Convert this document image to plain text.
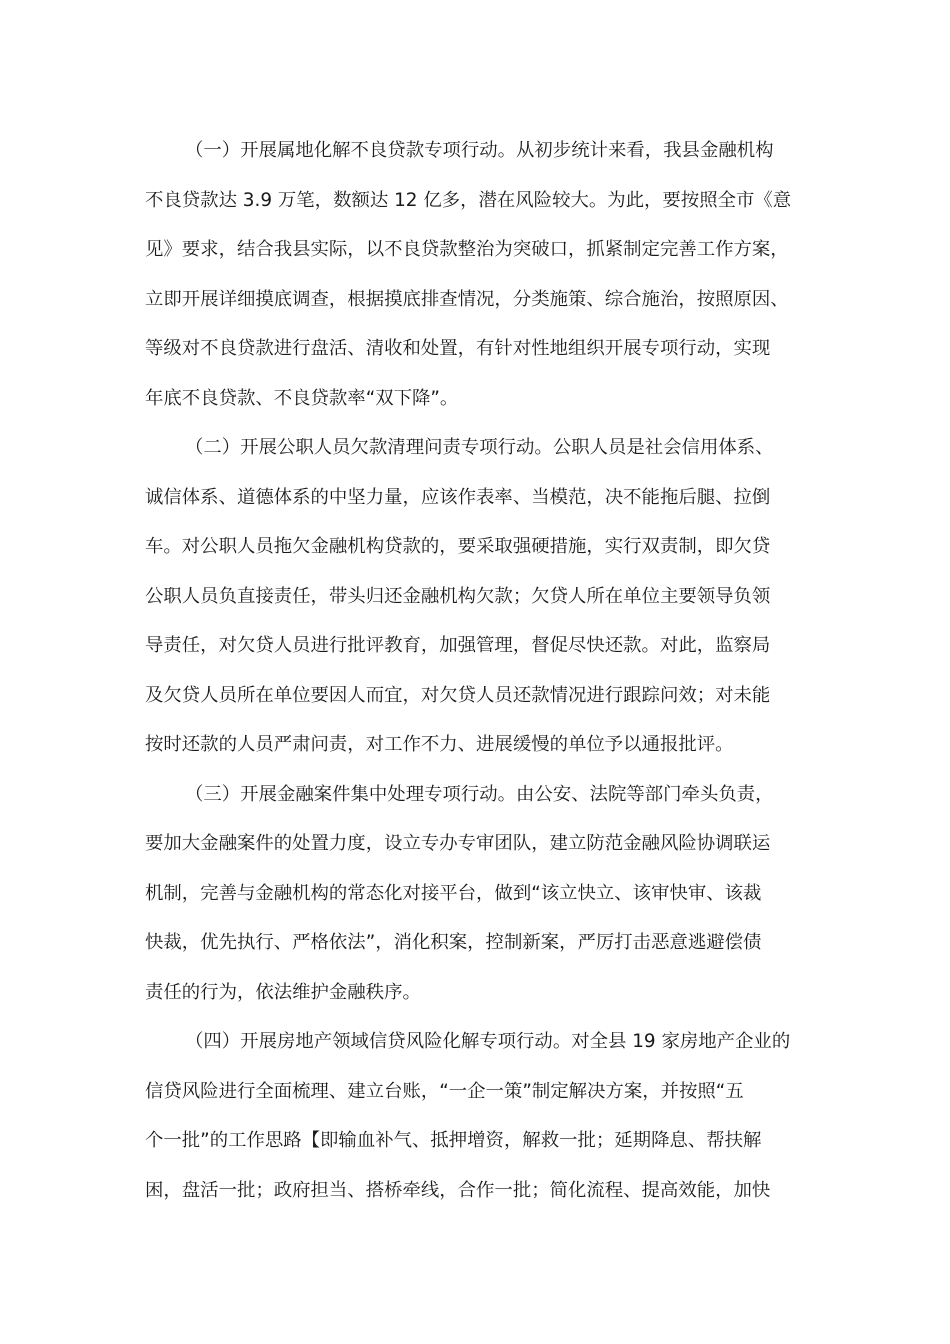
（一）开展属地化解不良贷款专项行动。从初步统计来看，我县金融机构
不良贷款达 3.9 万笔，数额达 12 亿多，潜在风险较大。为此，要按照全市《意
见》要求，结合我县实际，以不良贷款整治为突破口，抓紧制定完善工作方案，
立即开展详细摸底调查，根据摸底排查情况，分类施策、综合施治，按照原因、
等级对不良贷款进行盘活、清收和处置，有针对性地组织开展专项行动，实现
年底不良贷款、不良贷款率“双下降”。
（二）开展公职人员欠款清理问责专项行动。公职人员是社会信用体系、
诚信体系、道德体系的中坚力量，应该作表率、当模范，决不能拖后腿、拉倒
车。对公职人员拖欠金融机构贷款的，要采取强硬措施，实行双责制，即欠贷
公职人员负直接责任，带头归还金融机构欠款；欠贷人所在单位主要领导负领
导责任，对欠贷人员进行批评教育，加强管理，督促尽快还款。对此，监察局
及欠贷人员所在单位要因人而宜，对欠贷人员还款情况进行跟踪问效；对未能
按时还款的人员严肃问责，对工作不力、进展缓慢的单位予以通报批评。
（三）开展金融案件集中处理专项行动。由公安、法院等部门牵头负责，
要加大金融案件的处置力度，设立专办专审团队，建立防范金融风险协调联运
机制，完善与金融机构的常态化对接平台，做到“该立快立、该审快审、该裁
快裁，优先执行、严格依法”，消化积案，控制新案，严厉打击恶意逃避偿债
责任的行为，依法维护金融秩序。
（四）开展房地产领域信贷风险化解专项行动。对全县 19 家房地产企业的
信贷风险进行全面梳理、建立台账，“一企一策”制定解决方案，并按照“五
个一批”的工作思路【即输血补气、抵押增资，解救一批；延期降息、帮扶解
困，盘活一批；政府担当、搭桥牵线，合作一批；简化流程、提高效能，加快
